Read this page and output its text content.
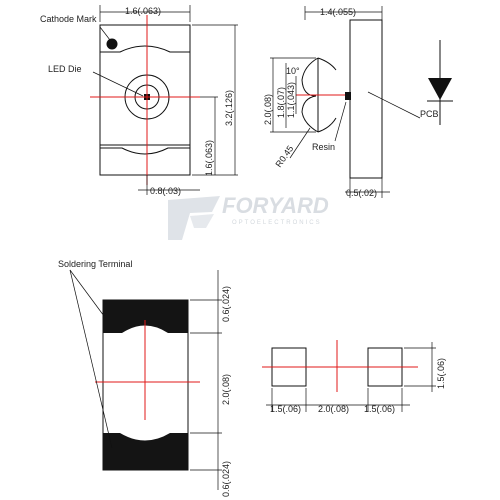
FORYARD
OPTOELECTRONICS
Cathode Mark
LED Die
1.6(.063)
3.2(.126)
1.6(.063)
0.8(.03)
1.4(.055)
2.0(.08) 1.8(.07) 1.1(.043)
10°
R0.45 Resin
PCB
0.5(.02)
Soldering Terminal
0.6(.024)
2.0(.08)
0.6(.024)
1.5(.06) 2.0(.08) 1.5(.06)
1.5(.06)
